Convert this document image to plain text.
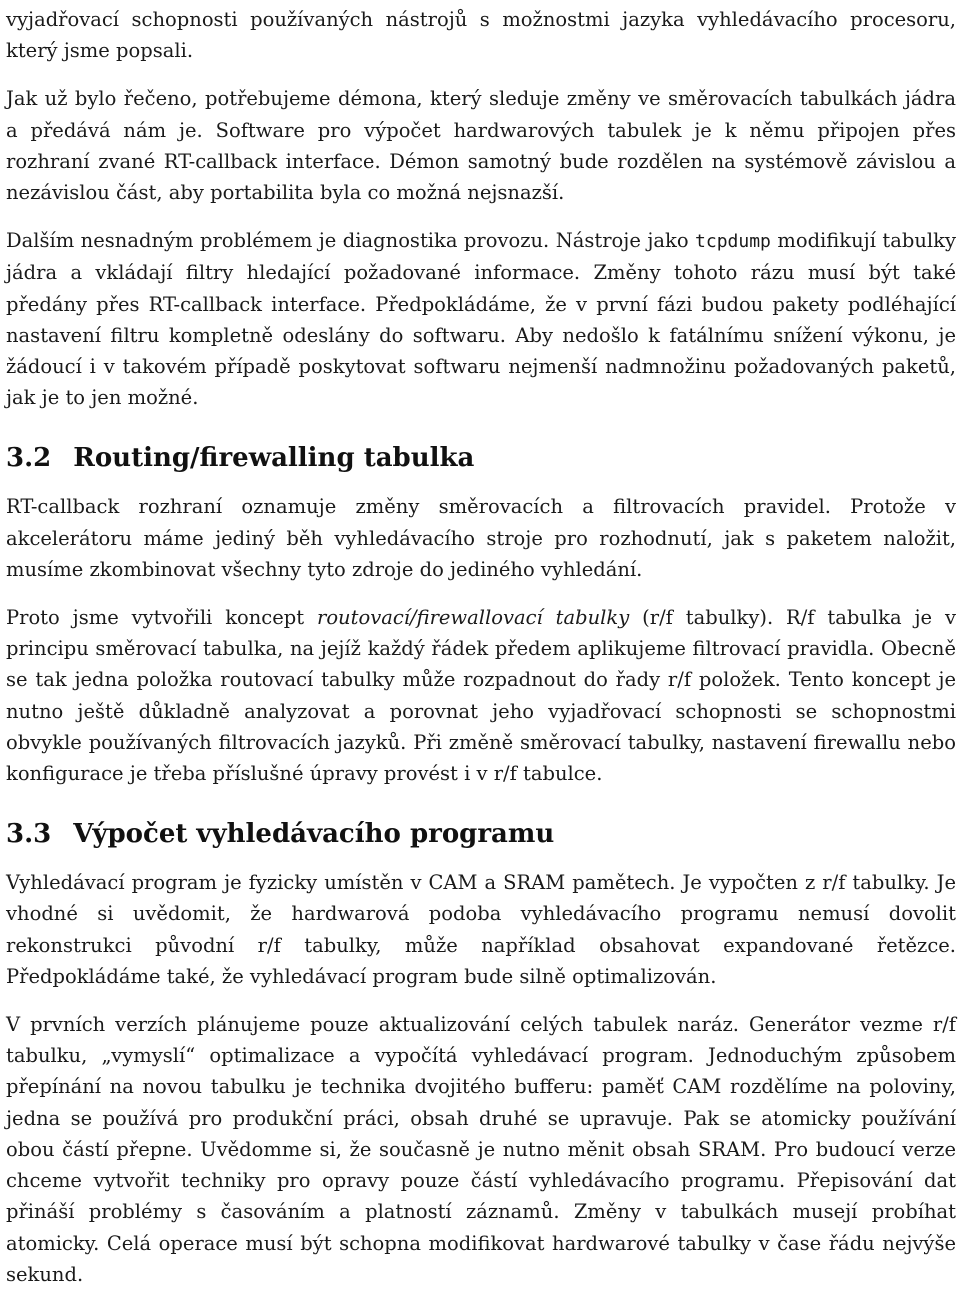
vyjadřovací schopnosti používaných nástrojů s možnostmi jazyka vyhledávacího procesoru, který jsme popsali.

Jak už bylo řečeno, potřebujeme démona, který sleduje změny ve směrovacích tabulkách jádra a předává nám je. Software pro výpočet hardwarových tabulek je k němu připojen přes rozhraní zvané RT-callback interface. Démon samotný bude rozdělen na systémově závislou a nezávislou část, aby portabilita byla co možná nejsnazší.

Dalším nesnadným problémem je diagnostika provozu. Nástroje jako tcpdump modifikují tabulky jádra a vkládají filtry hledající požadované informace. Změny tohoto rázu musí být také předány přes RT-callback interface. Předpokládáme, že v první fázi budou pakety podléhající nastavení filtru kompletně odeslány do softwaru. Aby nedošlo k fatálnímu snížení výkonu, je žádoucí i v takovém případě poskytovat softwaru nejmenší nadmnožinu požadovaných paketů, jak je to jen možné.

3.2 Routing/firewalling tabulka

RT-callback rozhraní oznamuje změny směrovacích a filtrovacích pravidel. Protože v akcelerátoru máme jediný běh vyhledávacího stroje pro rozhodnutí, jak s paketem naložit, musíme zkombinovat všechny tyto zdroje do jediného vyhledání.

Proto jsme vytvořili koncept routovací/firewallovací tabulky (r/f tabulky). R/f tabulka je v principu směrovací tabulka, na jejíž každý řádek předem aplikujeme filtrovací pravidla. Obecně se tak jedna položka routovací tabulky může rozpadnout do řady r/f položek. Tento koncept je nutno ještě důkladně analyzovat a porovnat jeho vyjadřovací schopnosti se schopnostmi obvykle používaných filtrovacích jazyků. Při změně směrovací tabulky, nastavení firewallu nebo konfigurace je třeba příslušné úpravy provést i v r/f tabulce.

3.3 Výpočet vyhledávacího programu

Vyhledávací program je fyzicky umístěn v CAM a SRAM pamětech. Je vypočten z r/f tabulky. Je vhodné si uvědomit, že hardwarová podoba vyhledávacího programu nemusí dovolit rekonstrukci původní r/f tabulky, může například obsahovat expandované řetězce. Předpokládáme také, že vyhledávací program bude silně optimalizován.

V prvních verzích plánujeme pouze aktualizování celých tabulek naráz. Generátor vezme r/f tabulku, „vymyslí“ optimalizace a vypočítá vyhledávací program. Jednoduchým způsobem přepínání na novou tabulku je technika dvojitého bufferu: paměť CAM rozdělíme na poloviny, jedna se používá pro produkční práci, obsah druhé se upravuje. Pak se atomicky používání obou částí přepne. Uvědomme si, že současně je nutno měnit obsah SRAM. Pro budoucí verze chceme vytvořit techniky pro opravy pouze částí vyhledávacího programu. Přepisování dat přináší problémy s časováním a platností záznamů. Změny v tabulkách musejí probíhat atomicky. Celá operace musí být schopna modifikovat hardwarové tabulky v čase řádu nejvýše sekund.
